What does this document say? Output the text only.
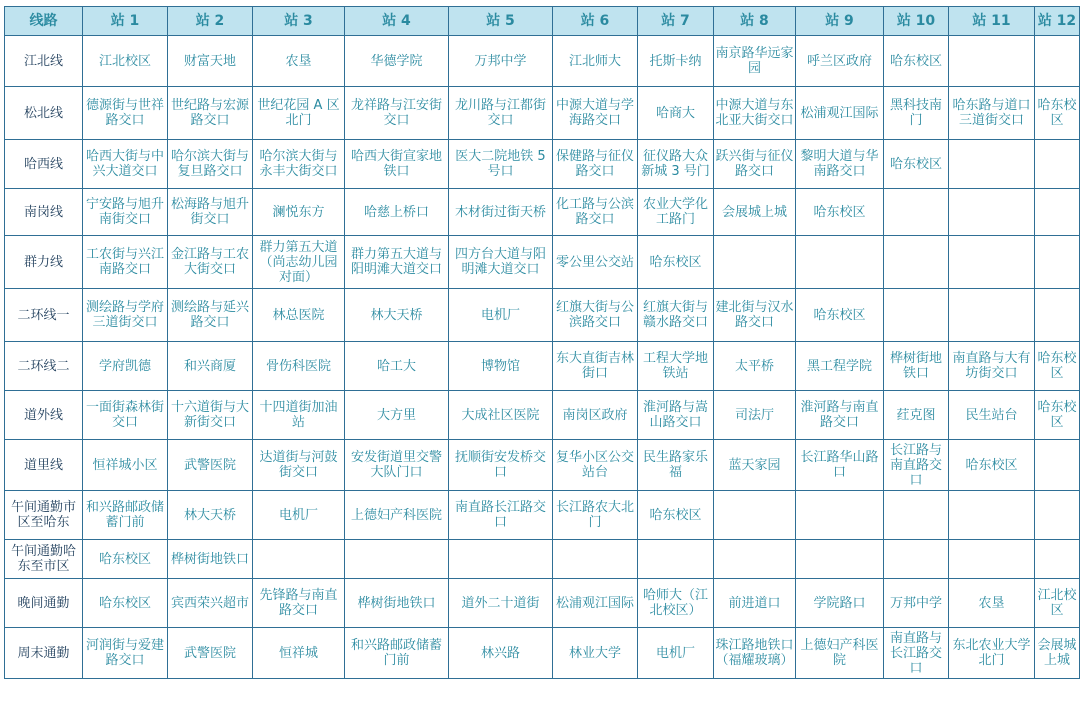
线路	站 1	站 2	站 3	站 4	站 5	站 6	站 7	站 8	站 9	站 10	站 11	站 12
江北线	江北校区	财富天地	农垦	华德学院	万邦中学	江北师大	托斯卡纳	南京路华远家园	呼兰区政府	哈东校区		
松北线	德源街与世祥路交口	世纪路与宏源路交口	世纪花园 A 区北门	龙祥路与江安街交口	龙川路与江都街交口	中源大道与学海路交口	哈商大	中源大道与东北亚大街交口	松浦观江国际	黑科技南门	哈东路与道口三道街交口	哈东校区
哈西线	哈西大街与中兴大道交口	哈尔滨大街与复旦路交口	哈尔滨大街与永丰大街交口	哈西大街宣家地铁口	医大二院地铁 5 号口	保健路与征仪路交口	征仪路大众新城 3 号门	跃兴街与征仪路交口	黎明大道与华南路交口	哈东校区		
南岗线	宁安路与旭升南街交口	松海路与旭升街交口	澜悦东方	哈慈上桥口	木材街过街天桥	化工路与公滨路交口	农业大学化工路门	会展城上城	哈东校区			
群力线	工农街与兴江南路交口	金江路与工农大街交口	群力第五大道（尚志幼儿园对面）	群力第五大道与阳明滩大道交口	四方台大道与阳明滩大道交口	零公里公交站	哈东校区					
二环线一	测绘路与学府三道街交口	测绘路与延兴路交口	林总医院	林大天桥	电机厂	红旗大街与公滨路交口	红旗大街与赣水路交口	建北街与汉水路交口	哈东校区			
二环线二	学府凯德	和兴商厦	骨伤科医院	哈工大	博物馆	东大直街吉林街口	工程大学地铁站	太平桥	黑工程学院	桦树街地铁口	南直路与大有坊街交口	哈东校区
道外线	一面街森林街交口	十六道街与大新街交口	十四道街加油站	大方里	大成社区医院	南岗区政府	淮河路与嵩山路交口	司法厅	淮河路与南直路交口	荭克图	民生站台	哈东校区
道里线	恒祥城小区	武警医院	达道街与河鼓街交口	安发街道里交警大队门口	抚顺街安发桥交口	复华小区公交站台	民生路家乐福	蓝天家园	长江路华山路口	长江路与南直路交口	哈东校区	
午间通勤市区至哈东	和兴路邮政储蓄门前	林大天桥	电机厂	上德妇产科医院	南直路长江路交口	长江路农大北门	哈东校区					
午间通勤哈东至市区	哈东校区	桦树街地铁口										
晚间通勤	哈东校区	宾西荣兴超市	先锋路与南直路交口	桦树街地铁口	道外二十道街	松浦观江国际	哈师大（江北校区）	前进道口	学院路口	万邦中学	农垦	江北校区
周末通勤	河润街与爱建路交口	武警医院	恒祥城	和兴路邮政储蓄门前	林兴路	林业大学	电机厂	珠江路地铁口（福耀玻璃）	上德妇产科医院	南直路与长江路交口	东北农业大学北门	会展城上城
